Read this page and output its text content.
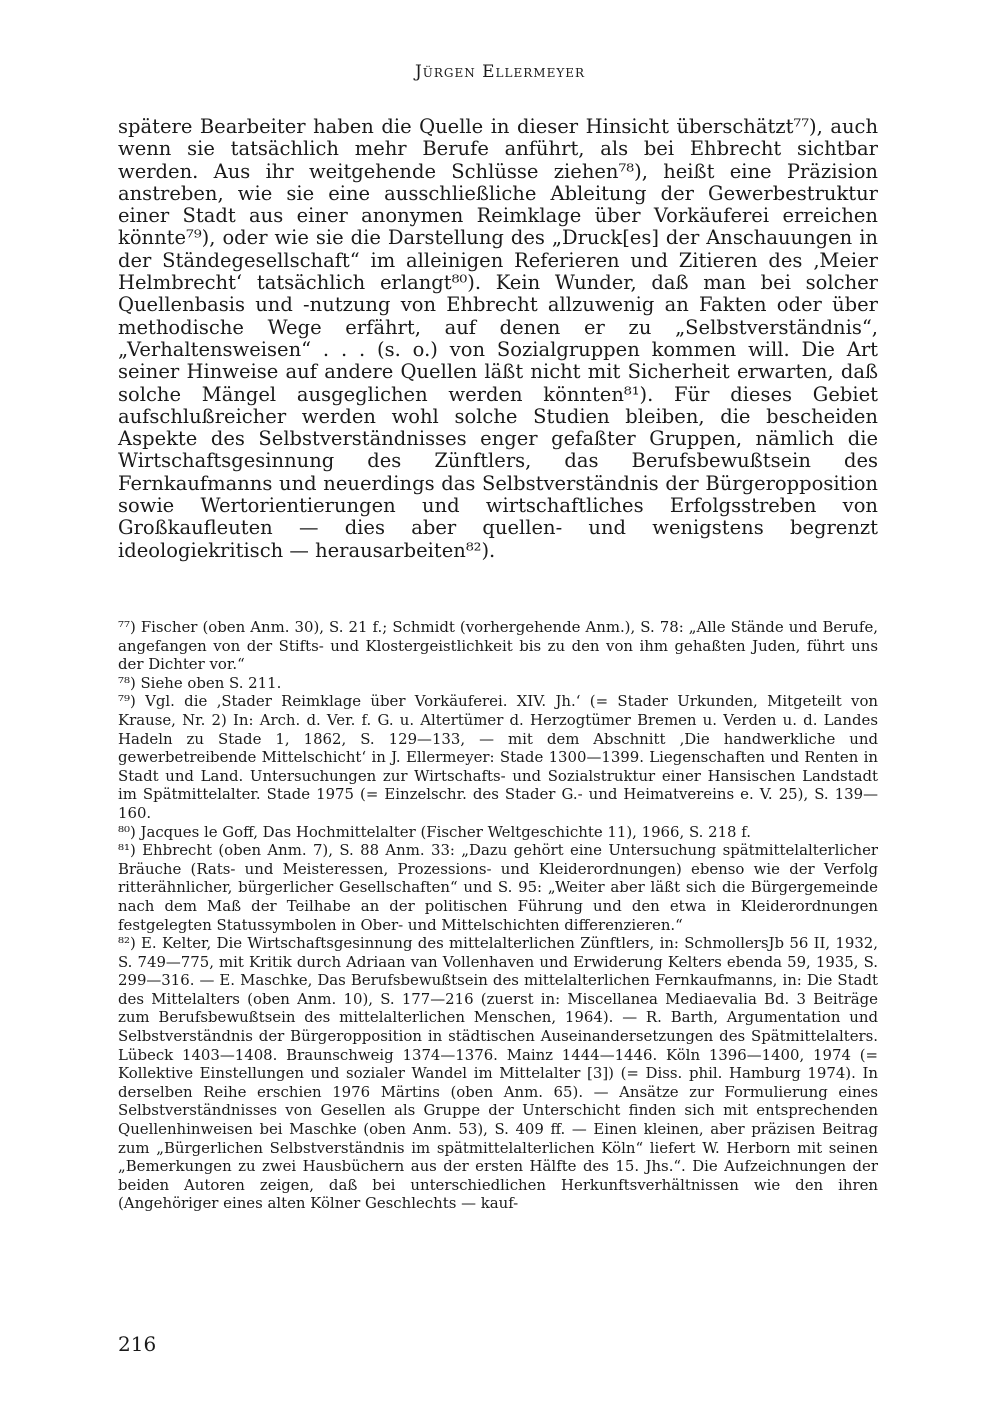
Jürgen Ellermeyer

spätere Bearbeiter haben die Quelle in dieser Hinsicht überschätzt⁷⁷), auch wenn sie tatsächlich mehr Berufe anführt, als bei Ehbrecht sichtbar werden. Aus ihr weitgehende Schlüsse ziehen⁷⁸), heißt eine Präzision anstreben, wie sie eine ausschließliche Ableitung der Gewerbestruktur einer Stadt aus einer anonymen Reimklage über Vorkäuferei erreichen könnte⁷⁹), oder wie sie die Darstellung des „Druck[es] der Anschauungen in der Ständegesellschaft“ im alleinigen Referieren und Zitieren des ‚Meier Helmbrecht‘ tatsächlich erlangt⁸⁰). Kein Wunder, daß man bei solcher Quellenbasis und -nutzung von Ehbrecht allzuwenig an Fakten oder über methodische Wege erfährt, auf denen er zu „Selbstverständnis“, „Verhaltensweisen“ . . . (s. o.) von Sozialgruppen kommen will. Die Art seiner Hinweise auf andere Quellen läßt nicht mit Sicherheit erwarten, daß solche Mängel ausgeglichen werden könnten⁸¹). Für dieses Gebiet aufschlußreicher werden wohl solche Studien bleiben, die bescheiden Aspekte des Selbstverständnisses enger gefaßter Gruppen, nämlich die Wirtschaftsgesinnung des Zünftlers, das Berufsbewußtsein des Fernkaufmanns und neuerdings das Selbstverständnis der Bürgeropposition sowie Wertorientierungen und wirtschaftliches Erfolgsstreben von Großkaufleuten — dies aber quellen- und wenigstens begrenzt ideologiekritisch — herausarbeiten⁸²).

⁷⁷) Fischer (oben Anm. 30), S. 21 f.; Schmidt (vorhergehende Anm.), S. 78: „Alle Stände und Berufe, angefangen von der Stifts- und Klostergeistlichkeit bis zu den von ihm gehaßten Juden, führt uns der Dichter vor.“

⁷⁸) Siehe oben S. 211.

⁷⁹) Vgl. die ‚Stader Reimklage über Vorkäuferei. XIV. Jh.‘ (= Stader Urkunden, Mitgeteilt von Krause, Nr. 2) In: Arch. d. Ver. f. G. u. Altertümer d. Herzogtümer Bremen u. Verden u. d. Landes Hadeln zu Stade 1, 1862, S. 129—133, — mit dem Abschnitt ‚Die handwerkliche und gewerbetreibende Mittelschicht‘ in J. Ellermeyer: Stade 1300—1399. Liegenschaften und Renten in Stadt und Land. Untersuchungen zur Wirtschafts- und Sozialstruktur einer Hansischen Landstadt im Spätmittelalter. Stade 1975 (= Einzelschr. des Stader G.- und Heimatvereins e. V. 25), S. 139—160.

⁸⁰) Jacques le Goff, Das Hochmittelalter (Fischer Weltgeschichte 11), 1966, S. 218 f.

⁸¹) Ehbrecht (oben Anm. 7), S. 88 Anm. 33: „Dazu gehört eine Untersuchung spätmittelalterlicher Bräuche (Rats- und Meisteressen, Prozessions- und Kleiderordnungen) ebenso wie der Verfolg ritterähnlicher, bürgerlicher Gesellschaften“ und S. 95: „Weiter aber läßt sich die Bürgergemeinde nach dem Maß der Teilhabe an der politischen Führung und den etwa in Kleiderordnungen festgelegten Statussymbolen in Ober- und Mittelschichten differenzieren.“

⁸²) E. Kelter, Die Wirtschaftsgesinnung des mittelalterlichen Zünftlers, in: SchmollersJb 56 II, 1932, S. 749—775, mit Kritik durch Adriaan van Vollenhaven und Erwiderung Kelters ebenda 59, 1935, S. 299—316. — E. Maschke, Das Berufsbewußtsein des mittelalterlichen Fernkaufmanns, in: Die Stadt des Mittelalters (oben Anm. 10), S. 177—216 (zuerst in: Miscellanea Mediaevalia Bd. 3 Beiträge zum Berufsbewußtsein des mittelalterlichen Menschen, 1964). — R. Barth, Argumentation und Selbstverständnis der Bürgeropposition in städtischen Auseinandersetzungen des Spätmittelalters. Lübeck 1403—1408. Braunschweig 1374—1376. Mainz 1444—1446. Köln 1396—1400, 1974 (= Kollektive Einstellungen und sozialer Wandel im Mittelalter [3]) (= Diss. phil. Hamburg 1974). In derselben Reihe erschien 1976 Märtins (oben Anm. 65). — Ansätze zur Formulierung eines Selbstverständnisses von Gesellen als Gruppe der Unterschicht finden sich mit entsprechenden Quellenhinweisen bei Maschke (oben Anm. 53), S. 409 ff. — Einen kleinen, aber präzisen Beitrag zum „Bürgerlichen Selbstverständnis im spätmittelalterlichen Köln“ liefert W. Herborn mit seinen „Bemerkungen zu zwei Hausbüchern aus der ersten Hälfte des 15. Jhs.“. Die Aufzeichnungen der beiden Autoren zeigen, daß bei unterschiedlichen Herkunftsverhältnissen wie den ihren (Angehöriger eines alten Kölner Geschlechts — kauf-

216
